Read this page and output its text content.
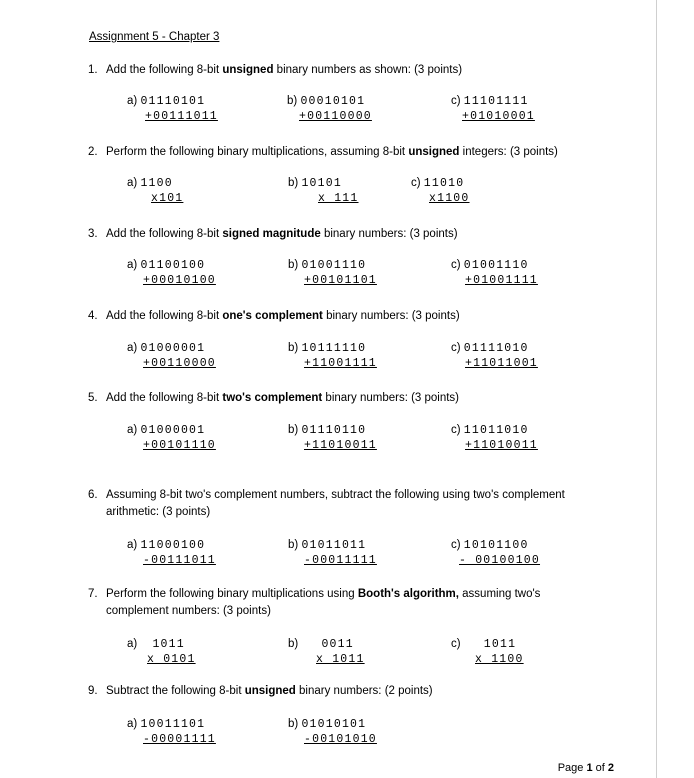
Assignment 5 - Chapter 3
1. Add the following 8-bit unsigned binary numbers as shown: (3 points)
2. Perform the following binary multiplications, assuming 8-bit unsigned integers: (3 points)
3. Add the following 8-bit signed magnitude binary numbers: (3 points)
4. Add the following 8-bit one's complement binary numbers: (3 points)
5. Add the following 8-bit two's complement binary numbers: (3 points)
6. Assuming 8-bit two's complement numbers, subtract the following using two's complement arithmetic: (3 points)
7. Perform the following binary multiplications using Booth's algorithm, assuming two's complement numbers: (3 points)
9. Subtract the following 8-bit unsigned binary numbers: (2 points)
a) 01110101
+00111011
b) 00010101
+00110000
c) 11101111
+01010001
a) 1100
x101
b) 10101
x 111
c) 11010
x1100
a) 01100100
+00010100
b) 01001110
+00101101
c) 01001110
+01001111
a) 01000001
+00110000
b) 10111110
+11001111
c) 01111010
+11011001
a) 01000001
+00101110
b) 01110110
+11010011
c) 11011010
+11010011
a) 11000100
-00111011
b) 01011011
-00011111
c) 10101100
- 00100100
a) 1011
x 0101
b) 0011
x 1011
c) 1011
x 1100
a) 10011101
-00001111
b) 01010101
-00101010
Page 1 of 2
